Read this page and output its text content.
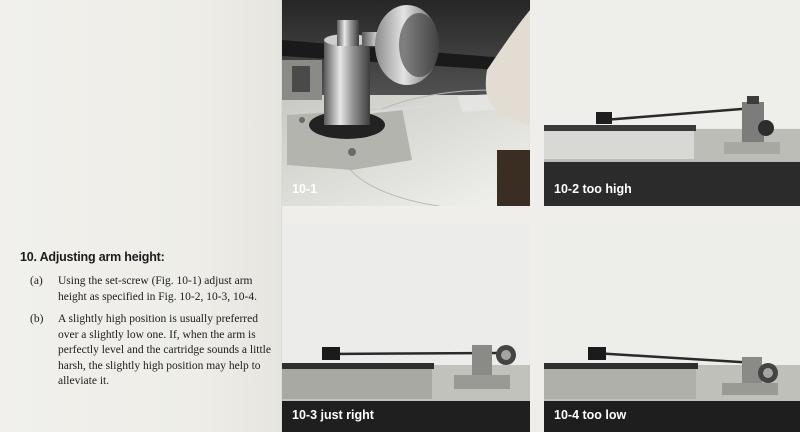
10. Adjusting arm height:
(a) Using the set-screw (Fig. 10-1) adjust arm height as specified in Fig. 10-2, 10-3, 10-4.
(b) A slightly high position is usually preferred over a slightly low one. If, when the arm is perfectly level and the cartridge sounds a little harsh, the slightly high position may help to alleviate it.
10-1	10-2 too high
10-3 just right	10-4 too low
